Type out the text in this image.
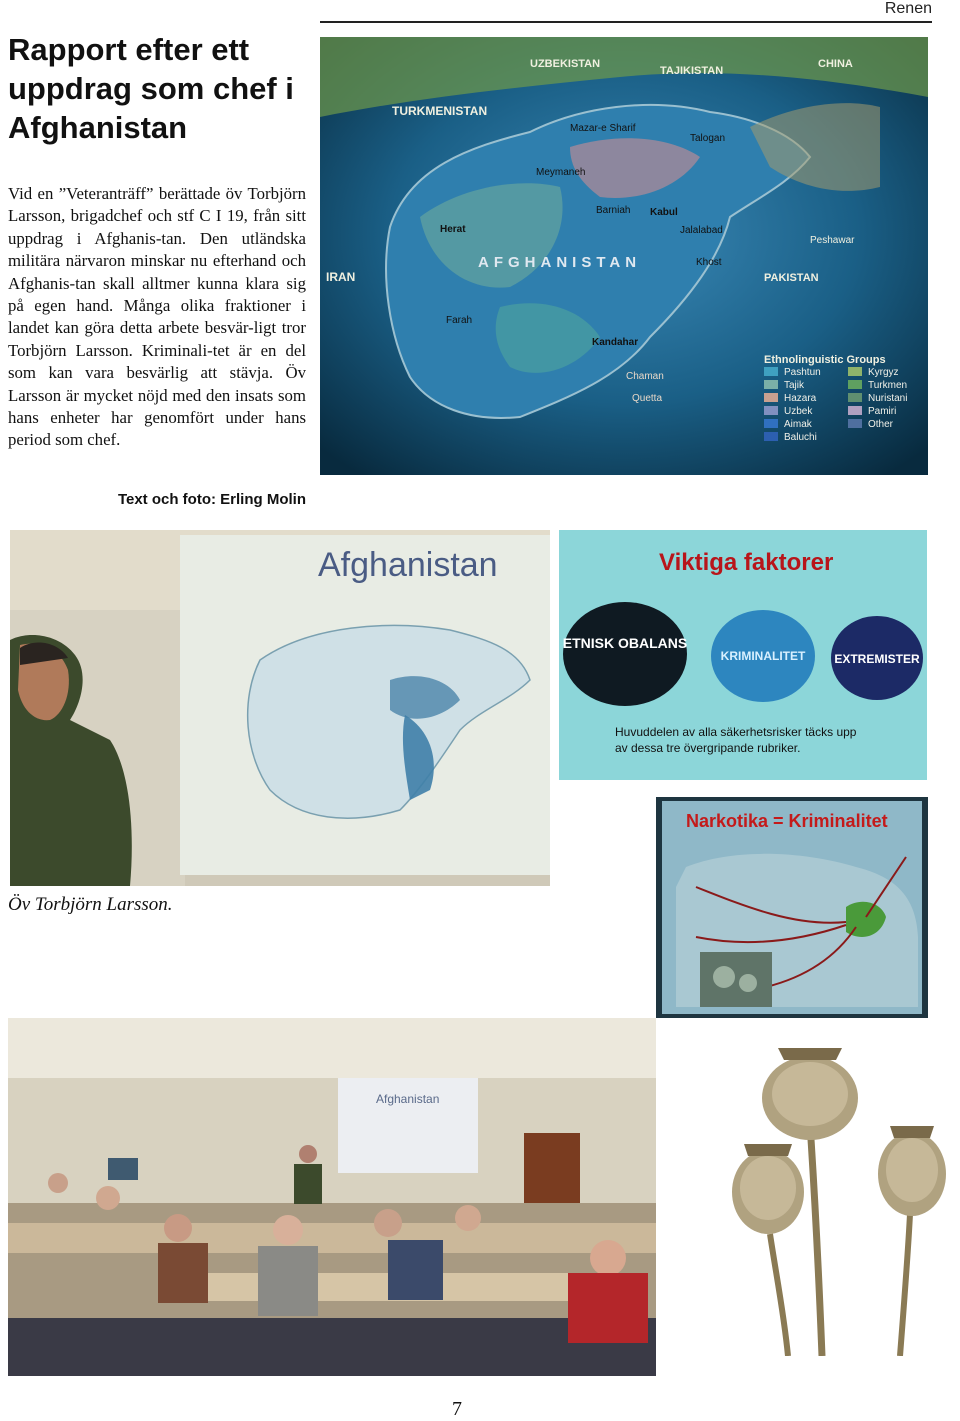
Renen
Rapport efter ett uppdrag som chef i Afghanistan

Vid en ”Veteranträff” berättade öv Torbjörn Larsson, brigadchef och stf C I 19, från sitt uppdrag i Afghanis-tan. Den utländska militära närvaron minskar nu efterhand och Afghanis-tan skall alltmer kunna klara sig på egen hand. Många olika fraktioner i landet kan göra detta arbete besvär-ligt tror Torbjörn Larsson. Kriminali-tet är en del som kan vara besvärlig att stävja. Öv Larsson är mycket nöjd med den insats som hans enheter har genomfört under hans period som chef.

Text och foto: Erling Molin
UZBEKISTAN
TAJIKISTAN
CHINA
TURKMENISTAN
IRAN	PAKISTAN
AFGHANISTAN
Mazar-e Sharif
Meymaneh
Talogan
Herat
Barniah Kabul
Jalalabad
Peshawar
Khost
Farah
Kandahar
Chaman
Quetta
Ethnolinguistic Groups
Pashtun
Tajik
Hazara
Uzbek
Aimak
Baluchi
Kyrgyz
Turkmen
Nuristani
Pamiri
Other
Afghanistan
Öv Torbjörn Larsson.
Viktiga faktorer
ETNISK OBALANS
KRIMINALITET EXTREMISTER
Huvuddelen av alla säkerhetsrisker täcks upp
av dessa tre övergripande rubriker.
Narkotika = Kriminalitet
Afghanistan
7
